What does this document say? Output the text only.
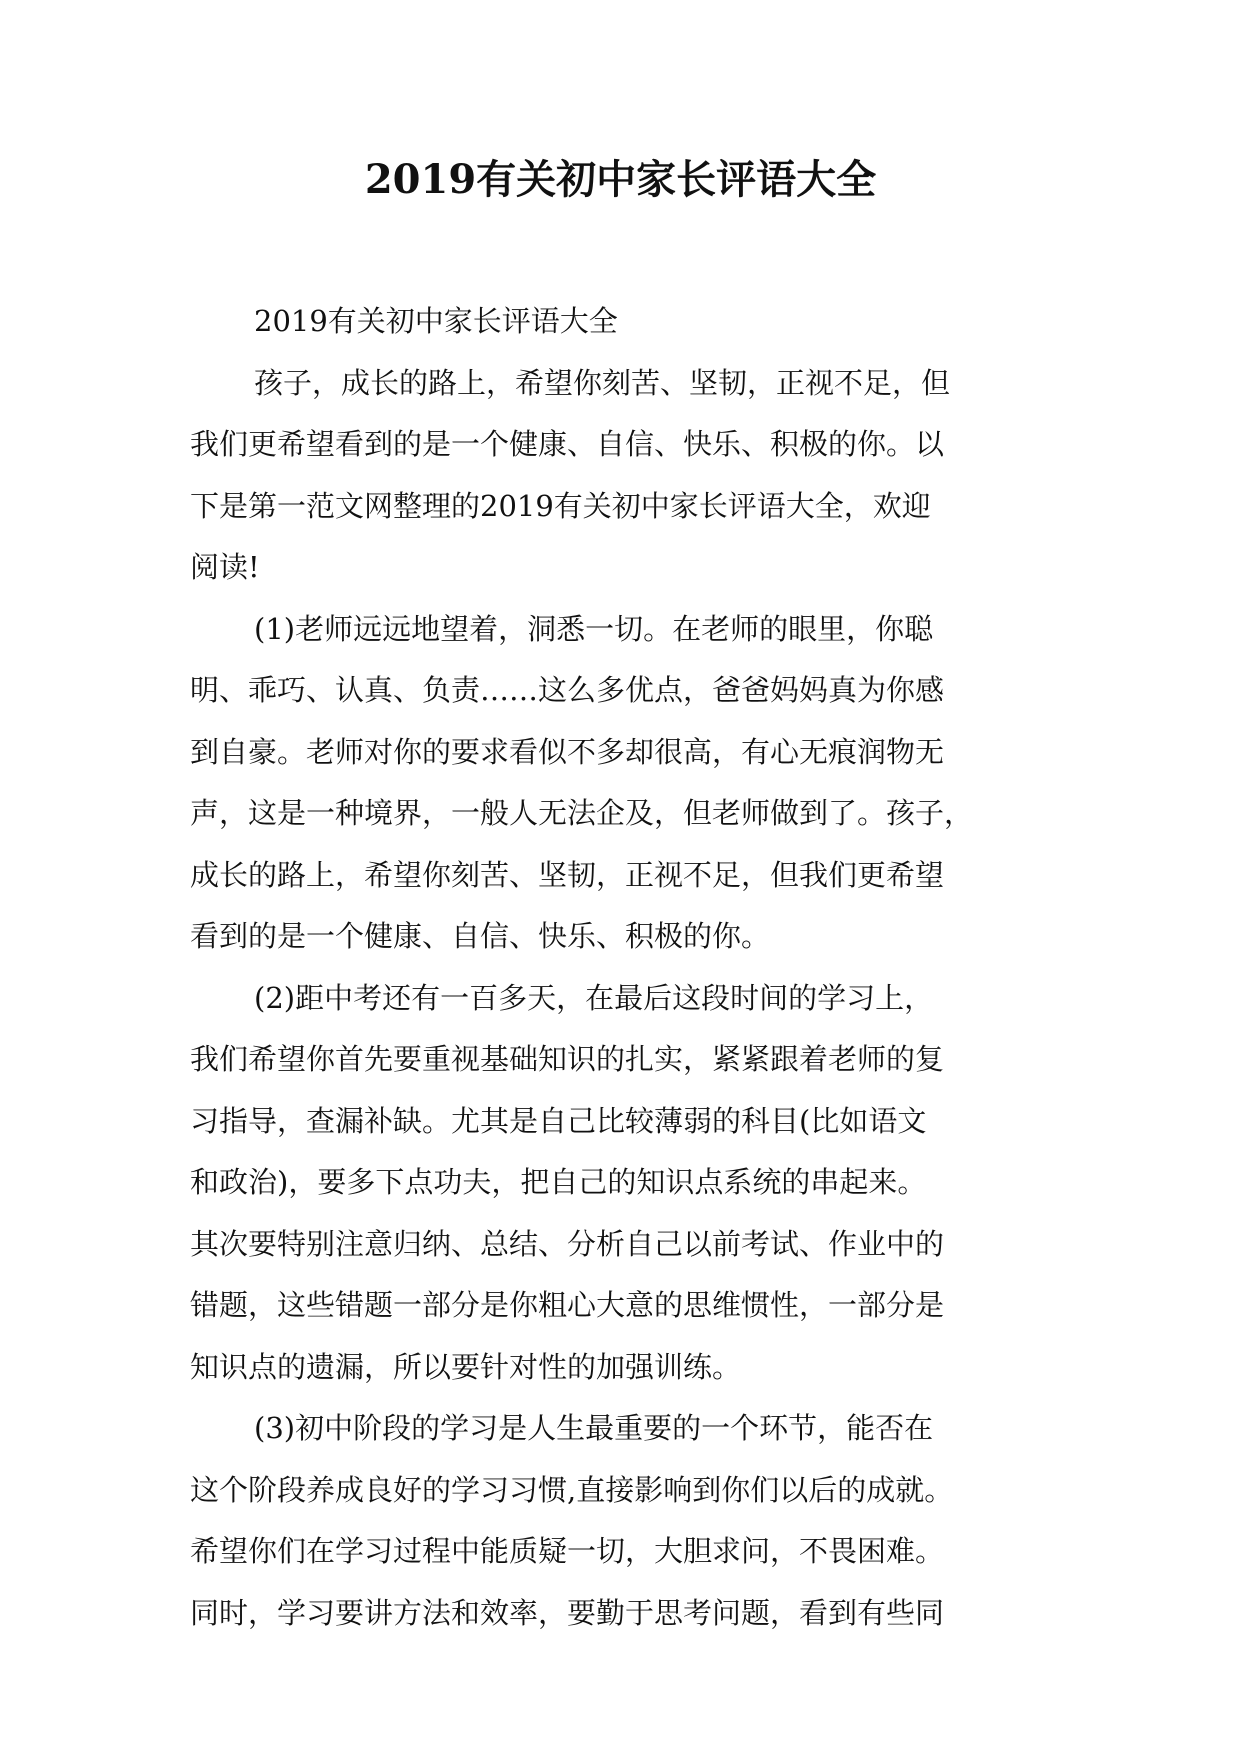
2019有关初中家长评语大全
2019有关初中家长评语大全
孩子，成长的路上，希望你刻苦、坚韧，正视不足，但
我们更希望看到的是一个健康、自信、快乐、积极的你。以
下是第一范文网整理的2019有关初中家长评语大全，欢迎
阅读!
(1)老师远远地望着，洞悉一切。在老师的眼里，你聪
明、乖巧、认真、负责……这么多优点，爸爸妈妈真为你感
到自豪。老师对你的要求看似不多却很高，有心无痕润物无
声，这是一种境界，一般人无法企及，但老师做到了。孩子，
成长的路上，希望你刻苦、坚韧，正视不足，但我们更希望
看到的是一个健康、自信、快乐、积极的你。
(2)距中考还有一百多天，在最后这段时间的学习上，
我们希望你首先要重视基础知识的扎实，紧紧跟着老师的复
习指导，查漏补缺。尤其是自己比较薄弱的科目(比如语文
和政治)，要多下点功夫，把自己的知识点系统的串起来。
其次要特别注意归纳、总结、分析自己以前考试、作业中的
错题，这些错题一部分是你粗心大意的思维惯性，一部分是
知识点的遗漏，所以要针对性的加强训练。
(3)初中阶段的学习是人生最重要的一个环节，能否在
这个阶段养成良好的学习习惯,直接影响到你们以后的成就。
希望你们在学习过程中能质疑一切，大胆求问，不畏困难。
同时，学习要讲方法和效率，要勤于思考问题，看到有些同
